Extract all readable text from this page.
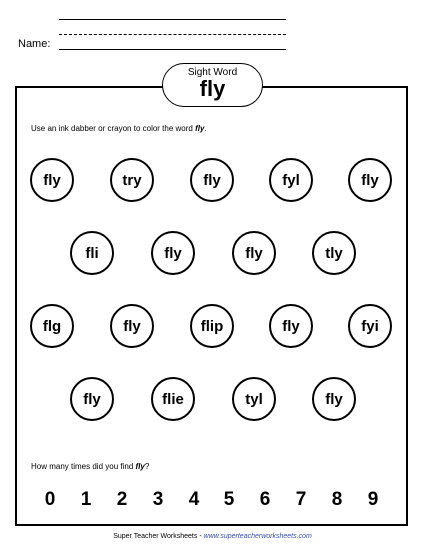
Name:
Sight Word
fly
Use an ink dabber or crayon to color the word fly.
fly	try	fly	fyl	fly
fli	fly	fly	tly
flg	fly	flip	fly	fyi
fly	flie	tyl	fly
How many times did you find fly?
0 1 2 3 4 5 6 7 8 9
Super Teacher Worksheets - www.superteacherworksheets.com
